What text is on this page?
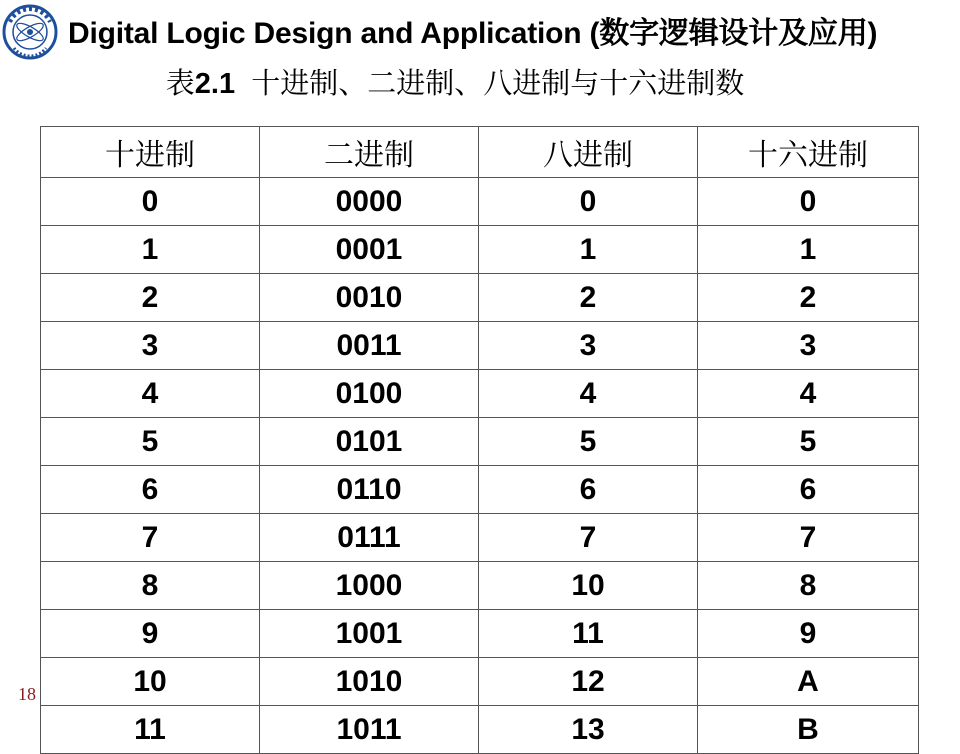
Digital Logic Design and Application (数字逻辑设计及应用)
表2.1 十进制、二进制、八进制与十六进制数
十进制	二进制	八进制	十六进制
0	0000	0	0
1	0001	1	1
2	0010	2	2
3	0011	3	3
4	0100	4	4
5	0101	5	5
6	0110	6	6
7	0111	7	7
8	1000	10	8
9	1001	11	9
10	1010	12	A
11	1011	13	B
18
